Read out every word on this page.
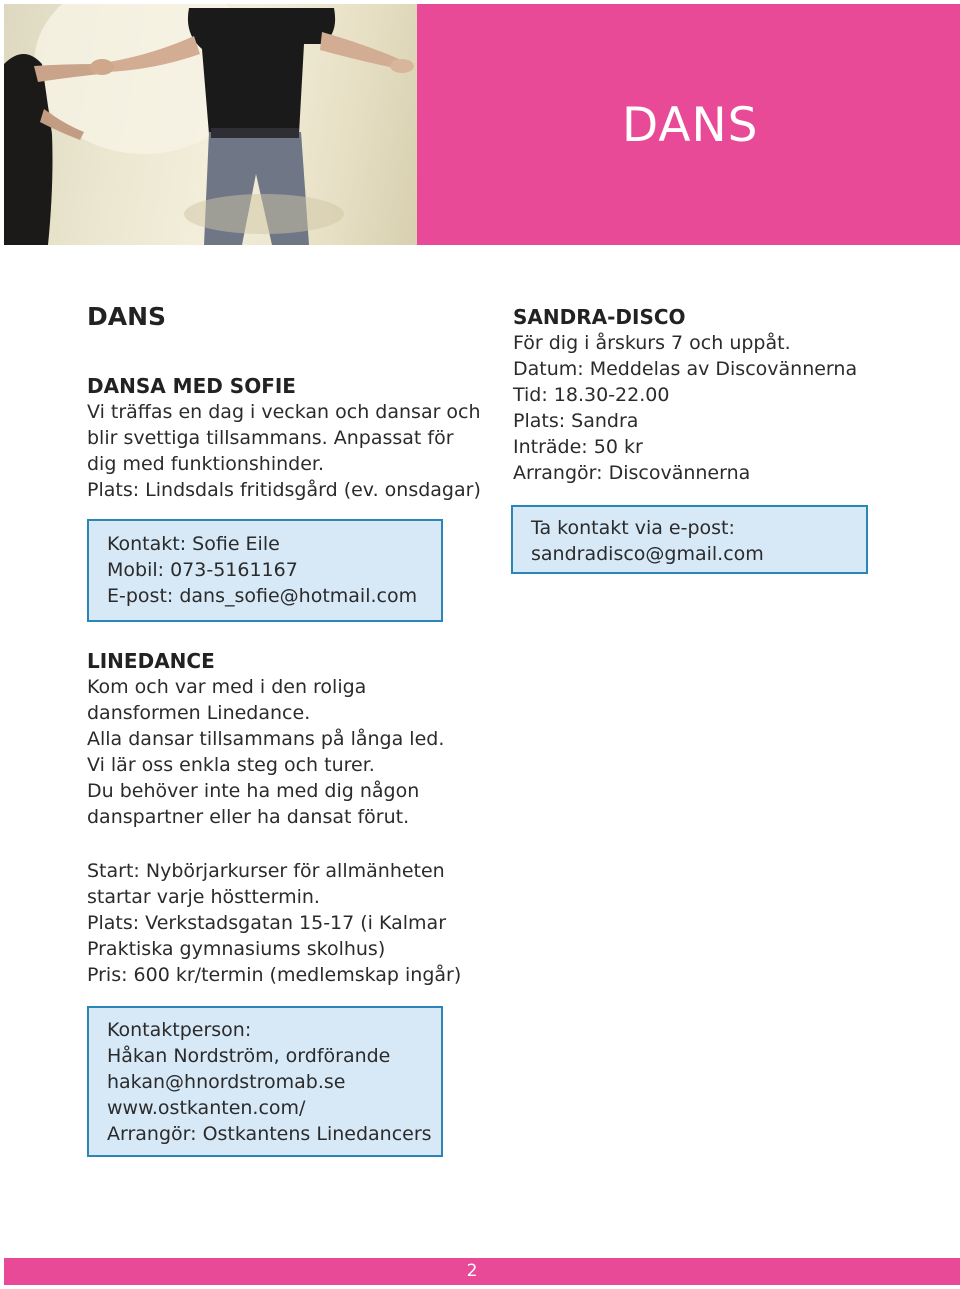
DANS
DANS

DANSA MED SOFIE

Vi träffas en dag i veckan och dansar och

blir svettiga tillsammans. Anpassat för

dig med funktionshinder.

Plats: Lindsdals fritidsgård (ev. onsdagar)

Kontakt: Sofie Eile

Mobil: 073-5161167

E-post: dans_sofie@hotmail.com

SANDRA-DISCO

För dig i årskurs 7 och uppåt.

Datum: Meddelas av Discovännerna

Tid: 18.30-22.00

Plats: Sandra

Inträde: 50 kr

Arrangör: Discovännerna

Ta kontakt via e-post:

sandradisco@gmail.com

LINEDANCE

Kom och var med i den roliga

dansformen Linedance.

Alla dansar tillsammans på långa led.

Vi lär oss enkla steg och turer.

Du behöver inte ha med dig någon

danspartner eller ha dansat förut.

Start: Nybörjarkurser för allmänheten

startar varje hösttermin.

Plats: Verkstadsgatan 15-17 (i Kalmar

Praktiska gymnasiums skolhus)

Pris: 600 kr/termin (medlemskap ingår)

Kontaktperson:

Håkan Nordström, ordförande

hakan@hnordstromab.se

www.ostkanten.com/

Arrangör: Ostkantens Linedancers

2
